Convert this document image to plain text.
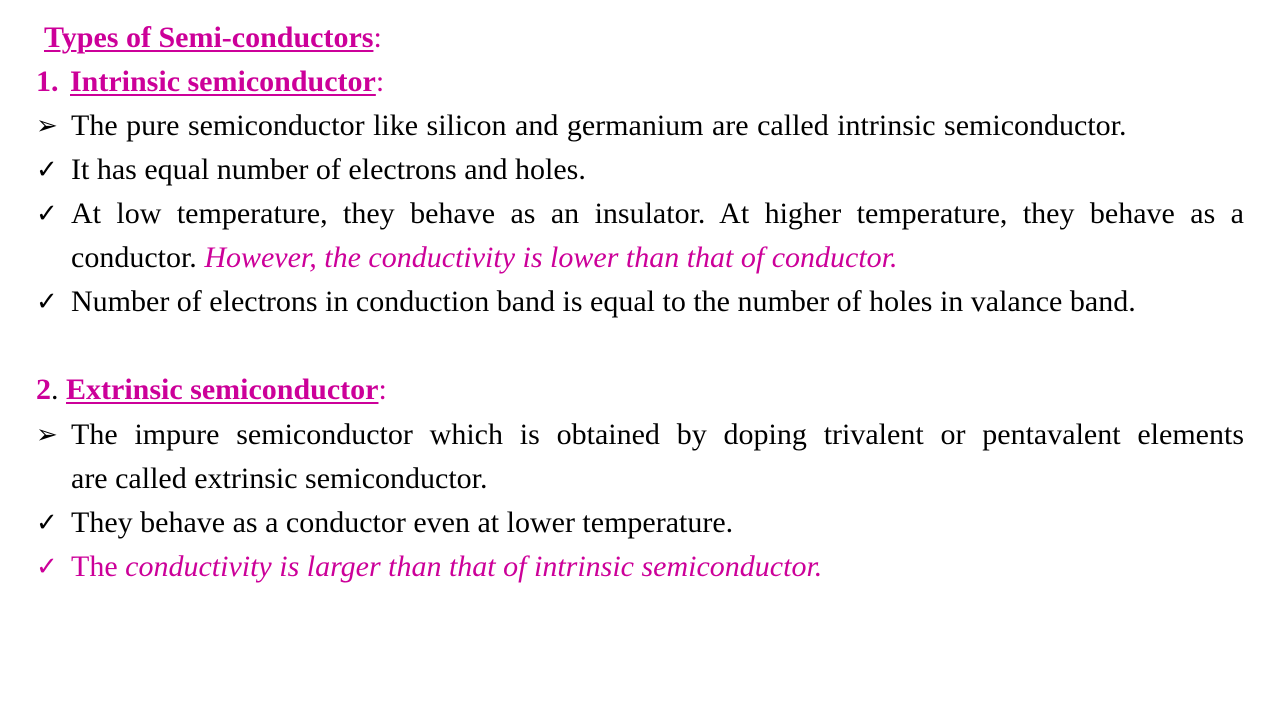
Types of Semi-conductors:
1. Intrinsic semiconductor:
➢ The pure semiconductor like silicon and germanium are called intrinsic semiconductor.
✓ It has equal number of electrons and holes.
✓ At low temperature, they behave as an insulator. At higher temperature, they behave as a
conductor. However, the conductivity is lower than that of conductor.
✓ Number of electrons in conduction band is equal to the number of holes in valance band.
2. Extrinsic semiconductor:
➢ The impure semiconductor which is obtained by doping trivalent or pentavalent elements
are called extrinsic semiconductor.
✓ They behave as a conductor even at lower temperature.
✓ The conductivity is larger than that of intrinsic semiconductor.
